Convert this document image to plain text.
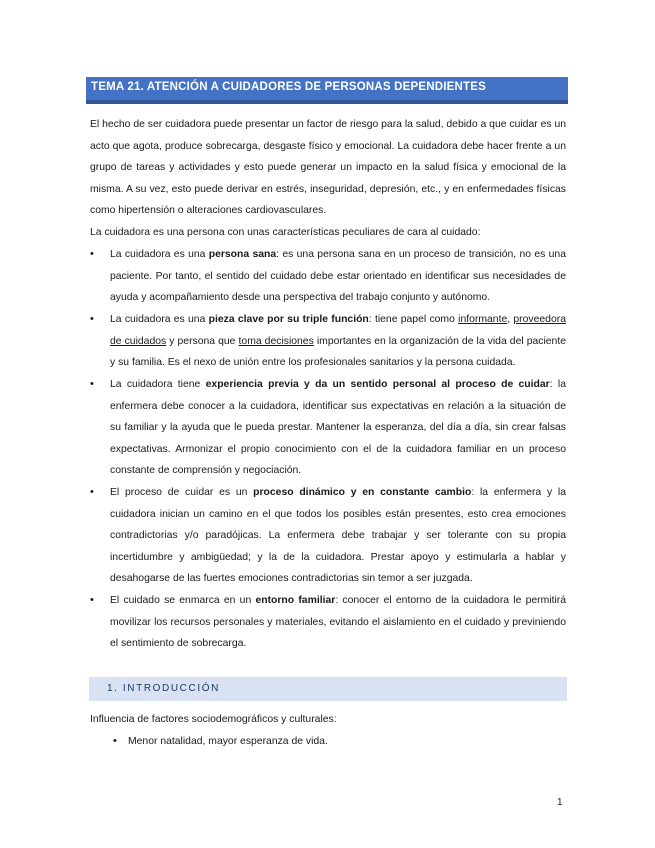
TEMA 21. ATENCIÓN A CUIDADORES DE PERSONAS DEPENDIENTES

El hecho de ser cuidadora puede presentar un factor de riesgo para la salud, debido a que cuidar es un acto que agota, produce sobrecarga, desgaste físico y emocional. La cuidadora debe hacer frente a un grupo de tareas y actividades y esto puede generar un impacto en la salud física y emocional de la misma. A su vez, esto puede derivar en estrés, inseguridad, depresión, etc., y en enfermedades físicas como hipertensión o alteraciones cardiovasculares.

La cuidadora es una persona con unas características peculiares de cara al cuidado:

• La cuidadora es una persona sana: es una persona sana en un proceso de transición, no es una paciente. Por tanto, el sentido del cuidado debe estar orientado en identificar sus necesidades de ayuda y acompañamiento desde una perspectiva del trabajo conjunto y autónomo.

• La cuidadora es una pieza clave por su triple función: tiene papel como informante, proveedora de cuidados y persona que toma decisiones importantes en la organización de la vida del paciente y su familia. Es el nexo de unión entre los profesionales sanitarios y la persona cuidada.

• La cuidadora tiene experiencia previa y da un sentido personal al proceso de cuidar: la enfermera debe conocer a la cuidadora, identificar sus expectativas en relación a la situación de su familiar y la ayuda que le pueda prestar. Mantener la esperanza, del día a día, sin crear falsas expectativas. Armonizar el propio conocimiento con el de la cuidadora familiar en un proceso constante de comprensión y negociación.

• El proceso de cuidar es un proceso dinámico y en constante cambio: la enfermera y la cuidadora inician un camino en el que todos los posibles están presentes, esto crea emociones contradictorias y/o paradójicas. La enfermera debe trabajar y ser tolerante con su propia incertidumbre y ambigüedad; y la de la cuidadora. Prestar apoyo y estimularla a hablar y desahogarse de las fuertes emociones contradictorias sin temor a ser juzgada.

• El cuidado se enmarca en un entorno familiar: conocer el entorno de la cuidadora le permitirá movilizar los recursos personales y materiales, evitando el aislamiento en el cuidado y previniendo el sentimiento de sobrecarga.

1. INTRODUCCIÓN

Influencia de factores sociodemográficos y culturales:

• Menor natalidad, mayor esperanza de vida.
1
